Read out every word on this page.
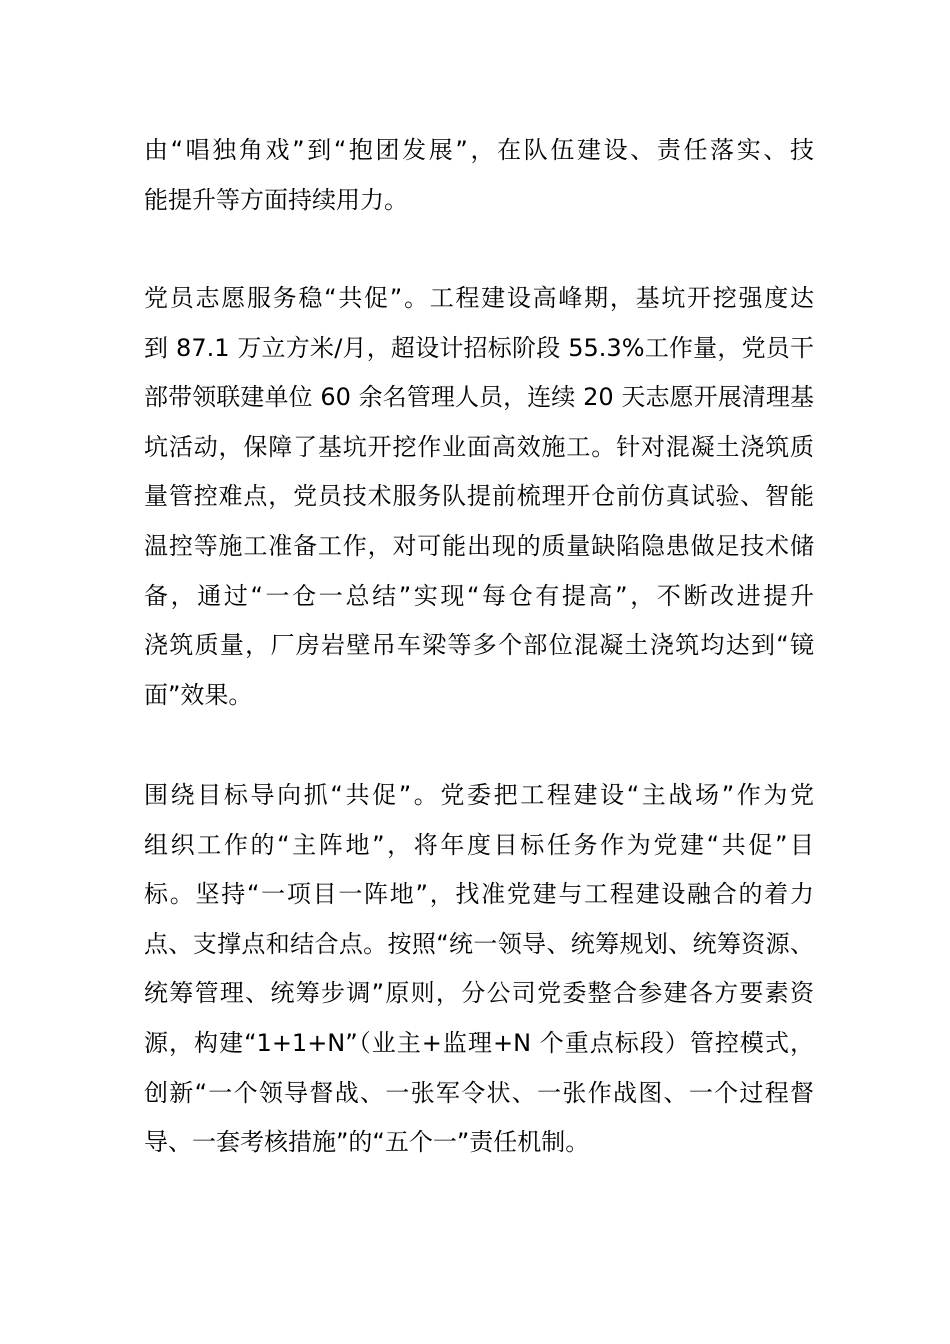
由“唱独角戏”到“抱团发展”，在队伍建设、责任落实、技
能提升等方面持续用力。
党员志愿服务稳“共促”。工程建设高峰期，基坑开挖强度达
到 87.1 万立方米/月，超设计招标阶段 55.3%工作量，党员干
部带领联建单位 60 余名管理人员，连续 20 天志愿开展清理基
坑活动，保障了基坑开挖作业面高效施工。针对混凝土浇筑质
量管控难点，党员技术服务队提前梳理开仓前仿真试验、智能
温控等施工准备工作，对可能出现的质量缺陷隐患做足技术储
备，通过“一仓一总结”实现“每仓有提高”，不断改进提升
浇筑质量，厂房岩壁吊车梁等多个部位混凝土浇筑均达到“镜
面”效果。
围绕目标导向抓“共促”。党委把工程建设“主战场”作为党
组织工作的“主阵地”，将年度目标任务作为党建“共促”目
标。坚持“一项目一阵地”，找准党建与工程建设融合的着力
点、支撑点和结合点。按照“统一领导、统筹规划、统筹资源、
统筹管理、统筹步调”原则，分公司党委整合参建各方要素资
源，构建“1+1+N”（业主+监理+N 个重点标段）管控模式，
创新“一个领导督战、一张军令状、一张作战图、一个过程督
导、一套考核措施”的“五个一”责任机制。
